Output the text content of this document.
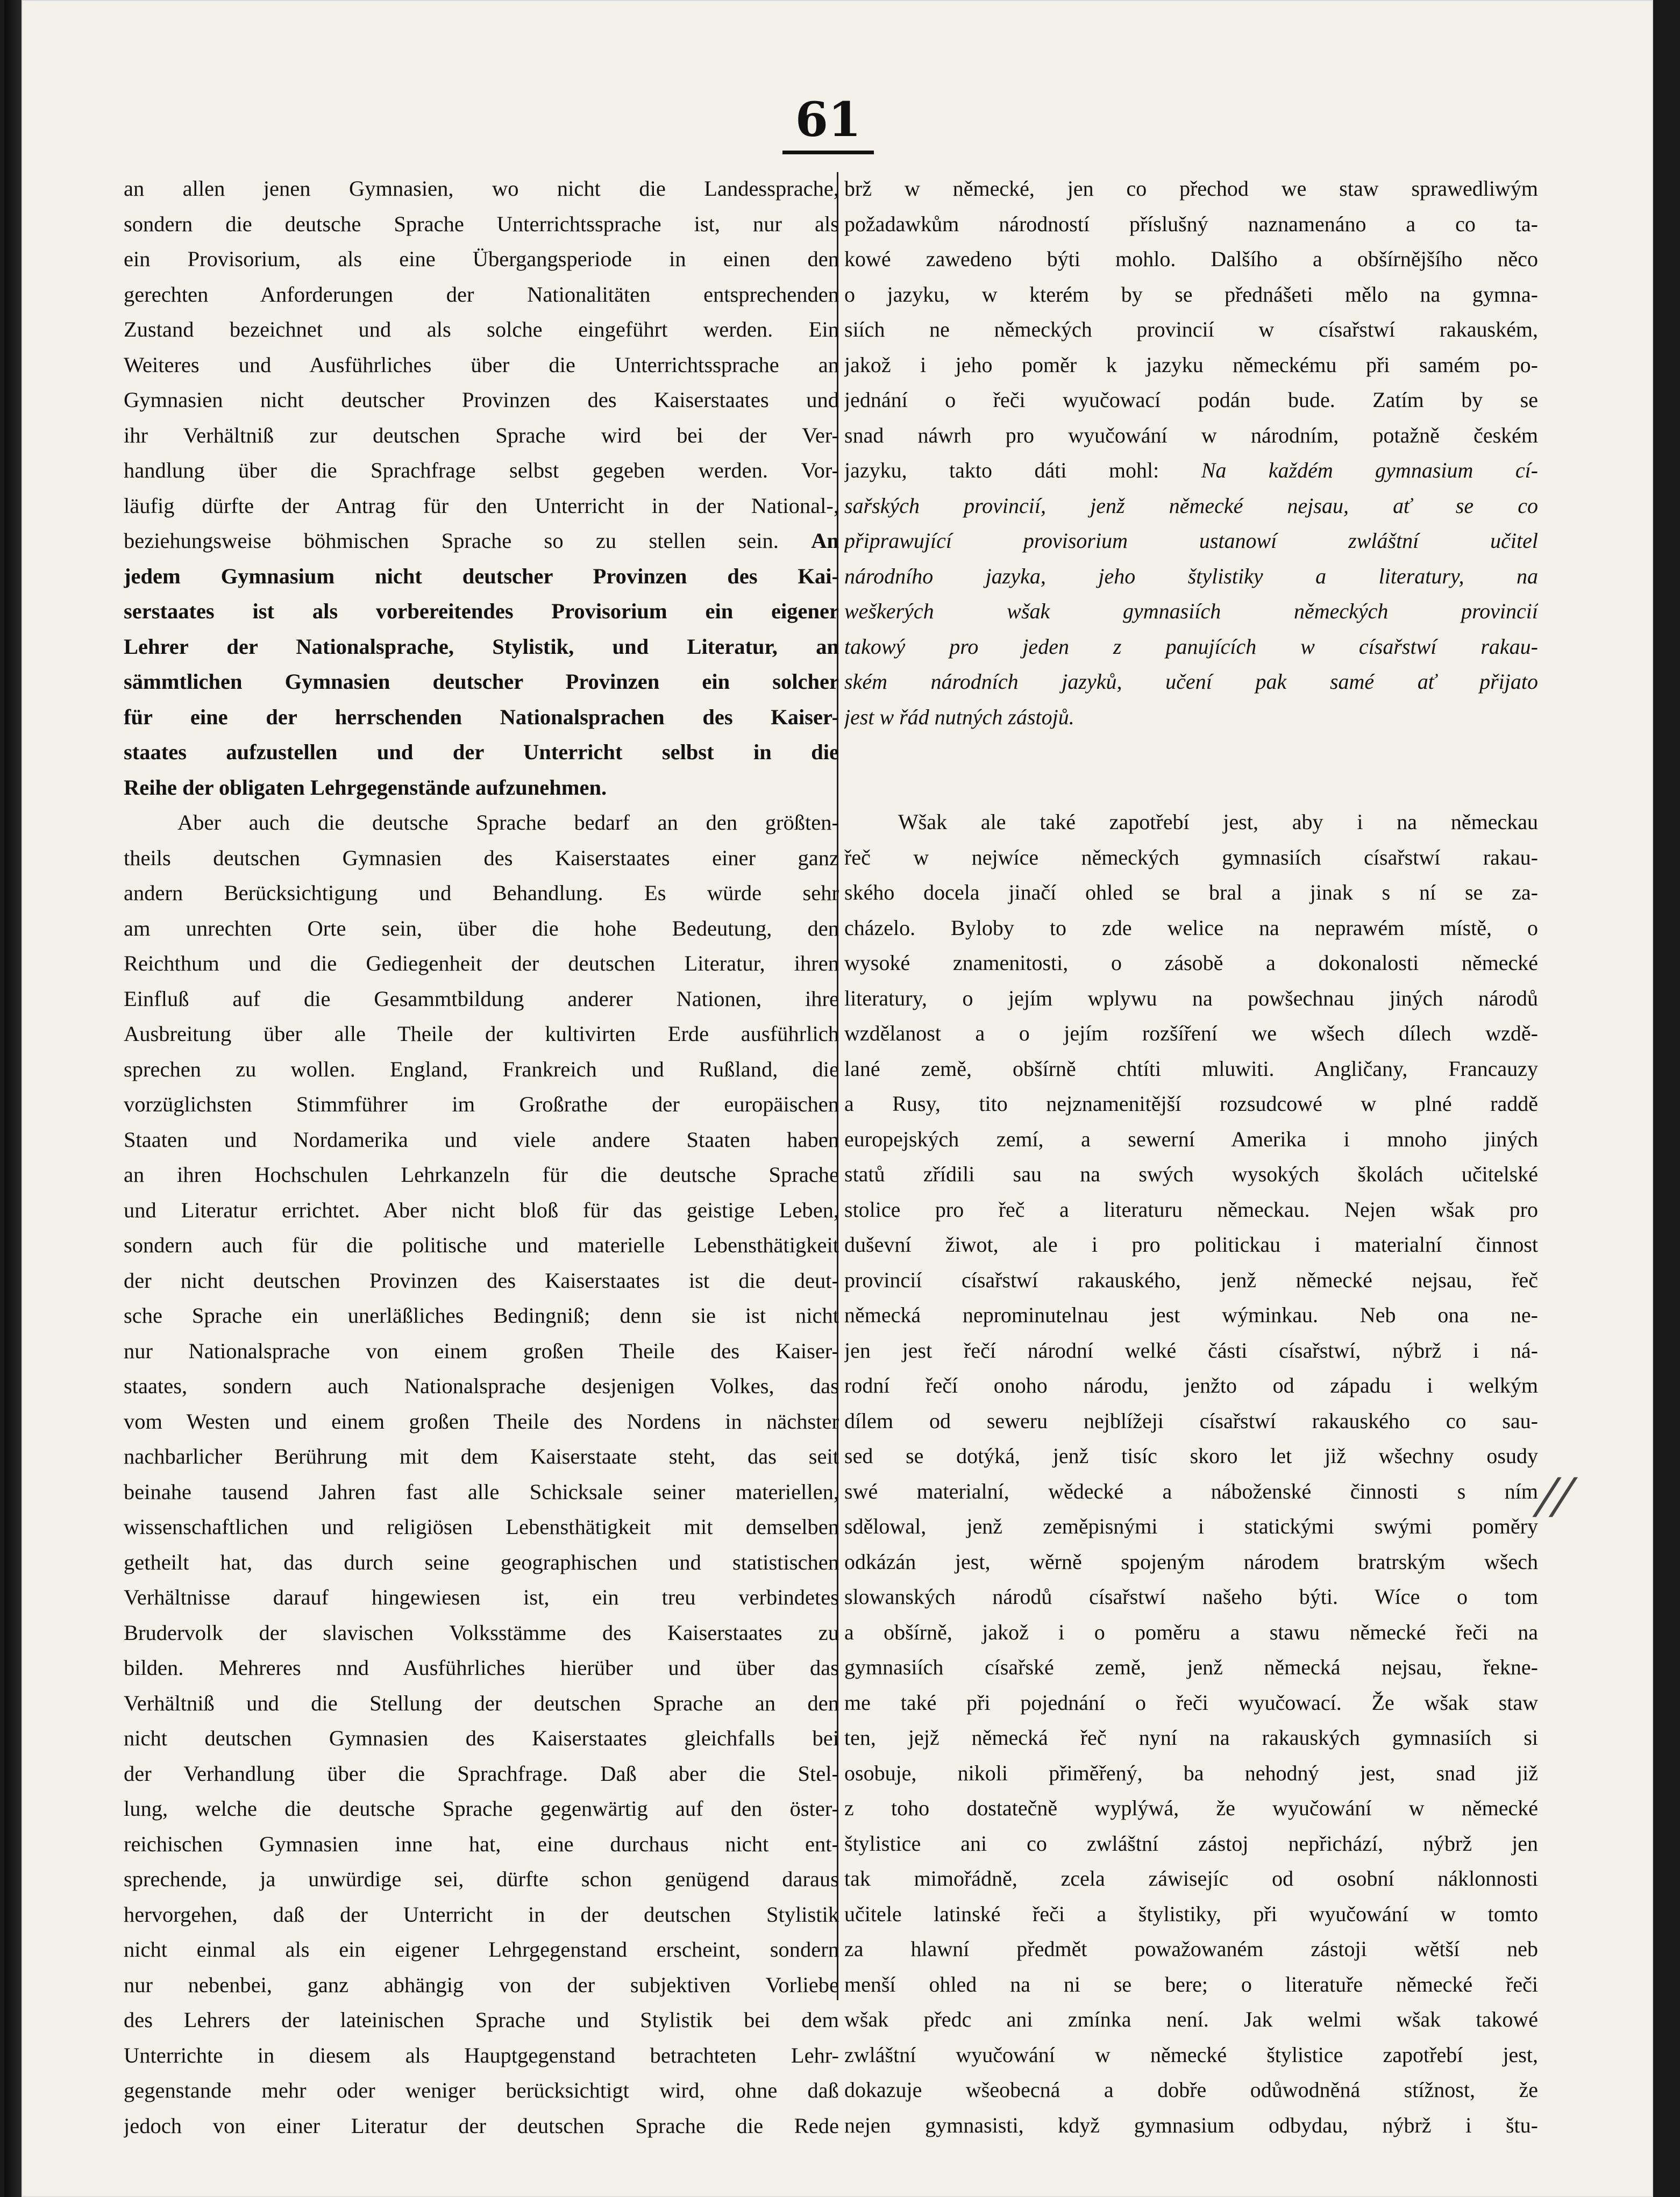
61
an allen jenen Gymnasien, wo nicht die Landessprache,
sondern die deutsche Sprache Unterrichtssprache ist, nur als
ein Provisorium, als eine Übergangsperiode in einen den
gerechten Anforderungen der Nationalitäten entsprechenden
Zustand bezeichnet und als solche eingeführt werden. Ein
Weiteres und Ausführliches über die Unterrichtssprache an
Gymnasien nicht deutscher Provinzen des Kaiserstaates und
ihr Verhältniß zur deutschen Sprache wird bei der Ver-
handlung über die Sprachfrage selbst gegeben werden. Vor-
läufig dürfte der Antrag für den Unterricht in der National-,
beziehungsweise böhmischen Sprache so zu stellen sein. An
jedem Gymnasium nicht deutscher Provinzen des Kai-
serstaates ist als vorbereitendes Provisorium ein eigener
Lehrer der Nationalsprache, Stylistik, und Literatur, an
sämmtlichen Gymnasien deutscher Provinzen ein solcher
für eine der herrschenden Nationalsprachen des Kaiser-
staates aufzustellen und der Unterricht selbst in die
Reihe der obligaten Lehrgegenstände aufzunehmen.
Aber auch die deutsche Sprache bedarf an den größten-
theils deutschen Gymnasien des Kaiserstaates einer ganz
andern Berücksichtigung und Behandlung. Es würde sehr
am unrechten Orte sein, über die hohe Bedeutung, den
Reichthum und die Gediegenheit der deutschen Literatur, ihren
Einfluß auf die Gesammtbildung anderer Nationen, ihre
Ausbreitung über alle Theile der kultivirten Erde ausführlich
sprechen zu wollen. England, Frankreich und Rußland, die
vorzüglichsten Stimmführer im Großrathe der europäischen
Staaten und Nordamerika und viele andere Staaten haben
an ihren Hochschulen Lehrkanzeln für die deutsche Sprache
und Literatur errichtet. Aber nicht bloß für das geistige Leben,
sondern auch für die politische und materielle Lebensthätigkeit
der nicht deutschen Provinzen des Kaiserstaates ist die deut-
sche Sprache ein unerläßliches Bedingniß; denn sie ist nicht
nur Nationalsprache von einem großen Theile des Kaiser-
staates, sondern auch Nationalsprache desjenigen Volkes, das
vom Westen und einem großen Theile des Nordens in nächster
nachbarlicher Berührung mit dem Kaiserstaate steht, das seit
beinahe tausend Jahren fast alle Schicksale seiner materiellen,
wissenschaftlichen und religiösen Lebensthätigkeit mit demselben
getheilt hat, das durch seine geographischen und statistischen
Verhältnisse darauf hingewiesen ist, ein treu verbindetes
Brudervolk der slavischen Volksstämme des Kaiserstaates zu
bilden. Mehreres nnd Ausführliches hierüber und über das
Verhältniß und die Stellung der deutschen Sprache an den
nicht deutschen Gymnasien des Kaiserstaates gleichfalls bei
der Verhandlung über die Sprachfrage. Daß aber die Stel-
lung, welche die deutsche Sprache gegenwärtig auf den öster-
reichischen Gymnasien inne hat, eine durchaus nicht ent-
sprechende, ja unwürdige sei, dürfte schon genügend daraus
hervorgehen, daß der Unterricht in der deutschen Stylistik
nicht einmal als ein eigener Lehrgegenstand erscheint, sondern
nur nebenbei, ganz abhängig von der subjektiven Vorliebe
des Lehrers der lateinischen Sprache und Stylistik bei dem
Unterrichte in diesem als Hauptgegenstand betrachteten Lehr-
gegenstande mehr oder weniger berücksichtigt wird, ohne daß
jedoch von einer Literatur der deutschen Sprache die Rede
brž w německé, jen co přechod we staw sprawedliwým
požadawkům národností příslušný naznamenáno a co ta-
kowé zawedeno býti mohlo. Dalšího a obšírnějšího něco
o jazyku, w kterém by se přednášeti mělo na gymna-
siích ne německých provincií w císařstwí rakauském,
jakož i jeho poměr k jazyku německému při samém po-
jednání o řeči wyučowací podán bude. Zatím by se
snad náwrh pro wyučowání w národním, potažně českém
jazyku, takto dáti mohl: Na každém gymnasium cí-
sařských provincií, jenž německé nejsau, ať se co
připrawující provisorium ustanowí zwláštní učitel
národního jazyka, jeho štylistiky a literatury, na
weškerých wšak gymnasiích německých provincií
takowý pro jeden z panujících w císařstwí rakau-
ském národních jazyků, učení pak samé ať přijato
jest w řád nutných zástojů.
Wšak ale také zapotřebí jest, aby i na německau
řeč w nejwíce německých gymnasiích císařstwí rakau-
ského docela jinačí ohled se bral a jinak s ní se za-
cházelo. Byloby to zde welice na neprawém místě, o
wysoké znamenitosti, o zásobě a dokonalosti německé
literatury, o jejím wplywu na powšechnau jiných národů
wzdělanost a o jejím rozšíření we wšech dílech wzdě-
lané země, obšírně chtíti mluwiti. Angličany, Francauzy
a Rusy, tito nejznamenitější rozsudcowé w plné raddě
europejských zemí, a sewerní Amerika i mnoho jiných
statů zřídili sau na swých wysokých školách učitelské
stolice pro řeč a literaturu německau. Nejen wšak pro
duševní žiwot, ale i pro politickau i materialní činnost
provincií císařstwí rakauského, jenž německé nejsau, řeč
německá neprominutelnau jest wýminkau. Neb ona ne-
jen jest řečí národní welké části císařstwí, nýbrž i ná-
rodní řečí onoho národu, jenžto od západu i welkým
dílem od sewеru nejblížeji císařstwí rakauského co sau-
sed se dotýká, jenž tisíc skoro let již wšechny osudy
swé materialní, wědecké a náboženské činnosti s ním
sdělowal, jenž zeměpisnými i statickými swými poměry
odkázán jest, wěrně spojeným národem bratrským wšech
slowanských národů císařstwí našeho býti. Wíce o tom
a obšírně, jakož i o poměru a stawu německé řeči na
gymnasiích císařské země, jenž německá nejsau, řekne-
me také při pojednání o řeči wyučowací. Že wšak staw
ten, jejž německá řeč nyní na rakauských gymnasiích si
osobuje, nikoli přiměřený, ba nehodný jest, snad již
z toho dostatečně wyplýwá, že wyučowání w německé
štylistice ani co zwláštní zástoj nepřichází, nýbrž jen
tak mimořádně, zcela záwisejíc od osobní náklonnosti
učitele latinské řeči a štylistiky, při wyučowání w tomto
za hlawní předmět powažowaném zástoji wětší neb
menší ohled na ni se bere; o literatuře německé řeči
wšak předc ani zmínka není. Jak welmi wšak takowé
zwláštní wyučowání w německé štylistice zapotřebí jest,
dokazuje wšeobecná a dobře odůwodněná stížnost, že
nejen gymnasisti, když gymnasium odbydau, nýbrž i štu-
//
